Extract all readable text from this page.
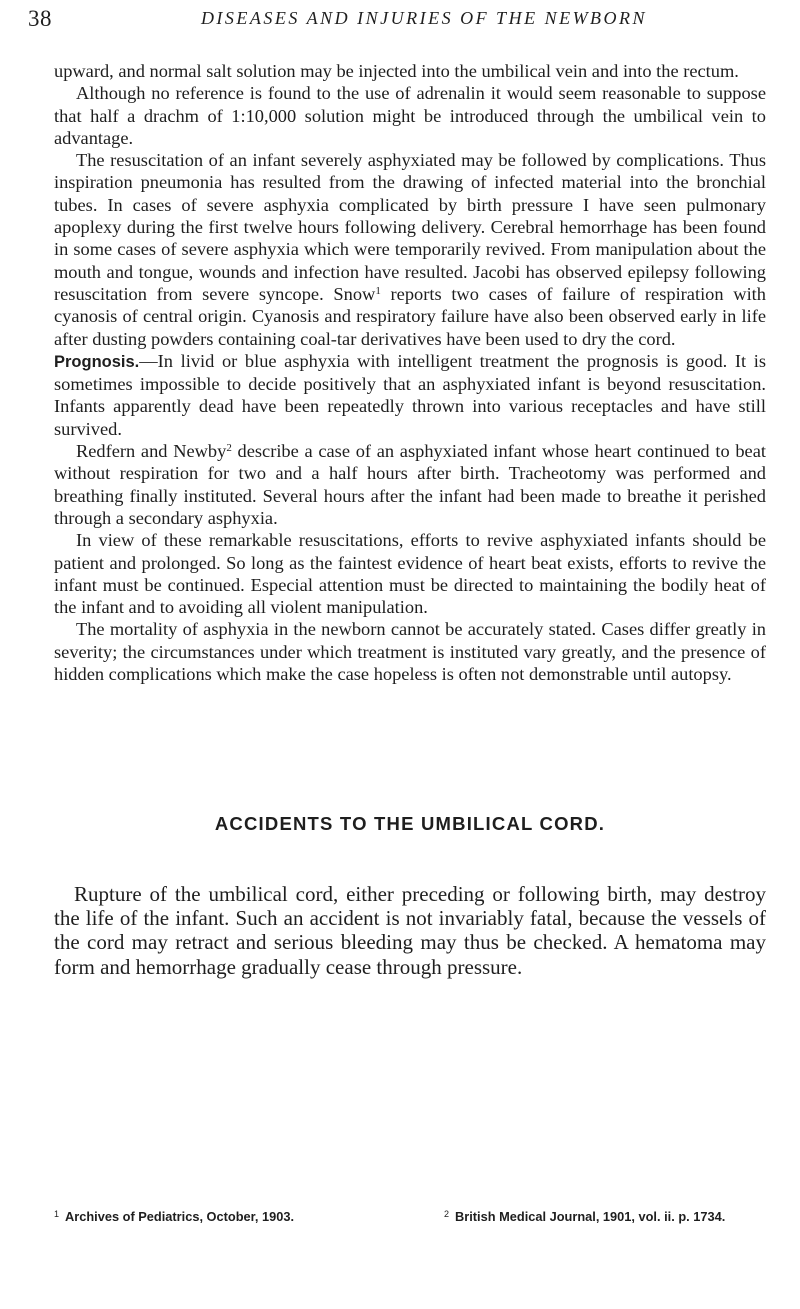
38	DISEASES AND INJURIES OF THE NEWBORN

upward, and normal salt solution may be injected into the umbilical vein and into the rectum.

Although no reference is found to the use of adrenalin it would seem reasonable to suppose that half a drachm of 1:10,000 solution might be introduced through the umbilical vein to advantage.

The resuscitation of an infant severely asphyxiated may be followed by complications. Thus inspiration pneumonia has resulted from the drawing of infected material into the bronchial tubes. In cases of severe asphyxia complicated by birth pressure I have seen pulmonary apoplexy during the first twelve hours following delivery. Cerebral hemorrhage has been found in some cases of severe asphyxia which were temporarily revived. From manipulation about the mouth and tongue, wounds and infection have resulted. Jacobi has observed epilepsy following resuscitation from severe syncope. Snow$^1$ reports two cases of failure of respiration with cyanosis of central origin. Cyanosis and respiratory failure have also been observed early in life after dusting powders containing coal-tar derivatives have been used to dry the cord.

Prognosis.—In livid or blue asphyxia with intelligent treatment the prognosis is good. It is sometimes impossible to decide positively that an asphyxiated infant is beyond resuscitation. Infants apparently dead have been repeatedly thrown into various receptacles and have still survived.

Redfern and Newby$^2$ describe a case of an asphyxiated infant whose heart continued to beat without respiration for two and a half hours after birth. Tracheotomy was performed and breathing finally instituted. Several hours after the infant had been made to breathe it perished through a secondary asphyxia.

In view of these remarkable resuscitations, efforts to revive asphyxiated infants should be patient and prolonged. So long as the faintest evidence of heart beat exists, efforts to revive the infant must be continued. Especial attention must be directed to maintaining the bodily heat of the infant and to avoiding all violent manipulation.

The mortality of asphyxia in the newborn cannot be accurately stated. Cases differ greatly in severity; the circumstances under which treatment is instituted vary greatly, and the presence of hidden complications which make the case hopeless is often not demonstrable until autopsy.

ACCIDENTS TO THE UMBILICAL CORD.

Rupture of the umbilical cord, either preceding or following birth, may destroy the life of the infant. Such an accident is not invariably fatal, because the vessels of the cord may retract and serious bleeding may thus be checked. A hematoma may form and hemorrhage gradually cease through pressure.

$^1$ Archives of Pediatrics, October, 1903.	$^2$ British Medical Journal, 1901, vol. ii. p. 1734.
